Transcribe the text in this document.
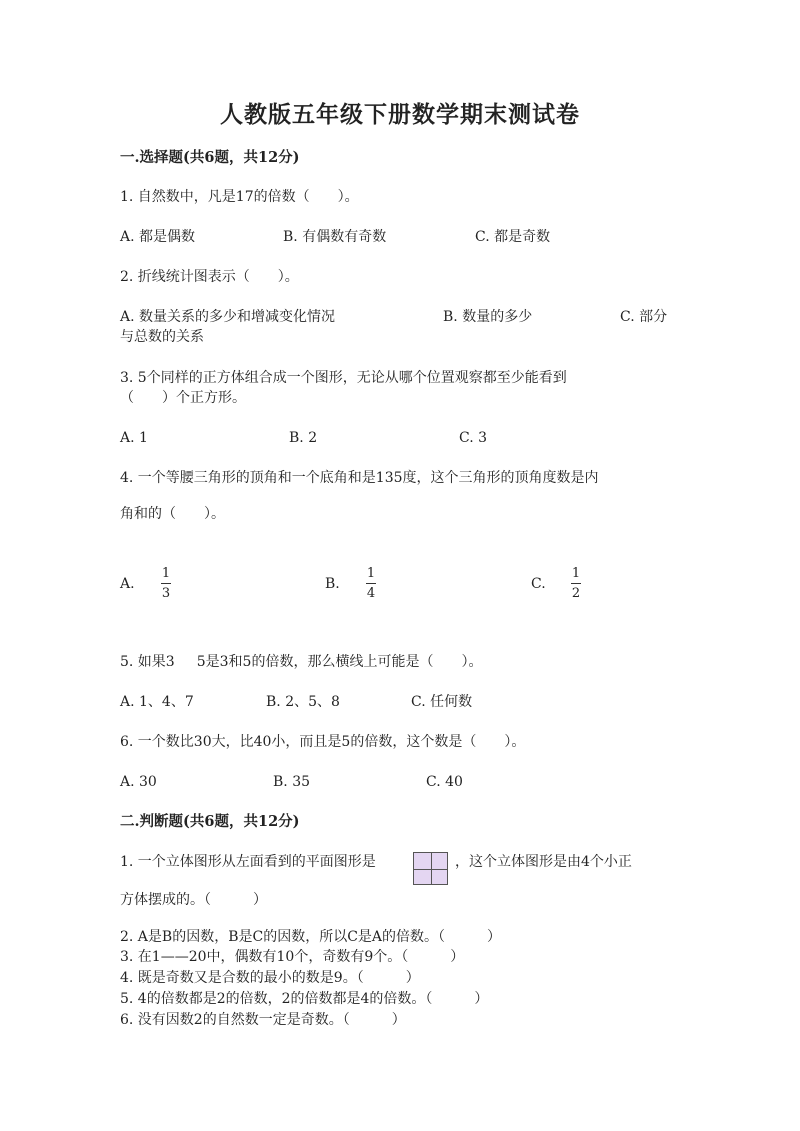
人教版五年级下册数学期末测试卷
一.选择题(共6题，共12分)
1. 自然数中，凡是17的倍数（　　）。
A. 都是偶数	B. 有偶数有奇数	C. 都是奇数
2. 折线统计图表示（　　）。
A. 数量关系的多少和增减变化情况	B. 数量的多少	C. 部分
与总数的关系
3. 5个同样的正方体组合成一个图形，无论从哪个位置观察都至少能看到
（　　）个正方形。
A. 1	B. 2	C. 3
4. 一个等腰三角形的顶角和一个底角和是135度，这个三角形的顶角度数是内
角和的（　　）。
A.
1
3
B.
1
4
C.
1
2
5. 如果3 5是3和5的倍数，那么横线上可能是（　　）。
A. 1、4、7	B. 2、5、8	C. 任何数
6. 一个数比30大，比40小，而且是5的倍数，这个数是（　　）。
A. 30	B. 35	C. 40
二.判断题(共6题，共12分)
1. 一个立体图形从左面看到的平面图形是	，这个立体图形是由4个小正
方体摆成的。（　　　）
2. A是B的因数，B是C的因数，所以C是A的倍数。（　　　）
3. 在1——20中，偶数有10个，奇数有9个。（　　　）
4. 既是奇数又是合数的最小的数是9。（　　　）
5. 4的倍数都是2的倍数，2的倍数都是4的倍数。（　　　）
6. 没有因数2的自然数一定是奇数。（　　　）
